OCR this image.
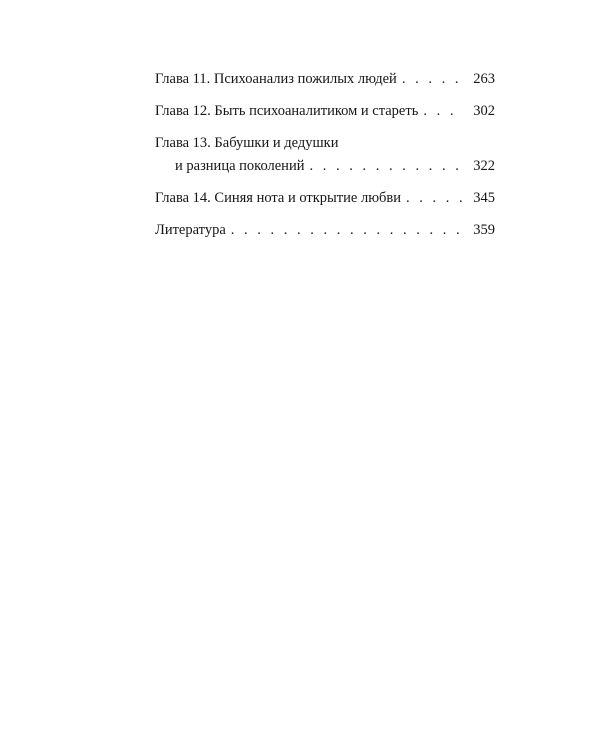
Глава 11. Психоанализ пожилых людей . . .	263
Глава 12. Быть психоаналитиком и стареть . . .	302
Глава 13. Бабушки и дедушки
и разница поколений . . .	322
Глава 14. Синяя нота и открытие любви . . .	345
Литература . . .	359
